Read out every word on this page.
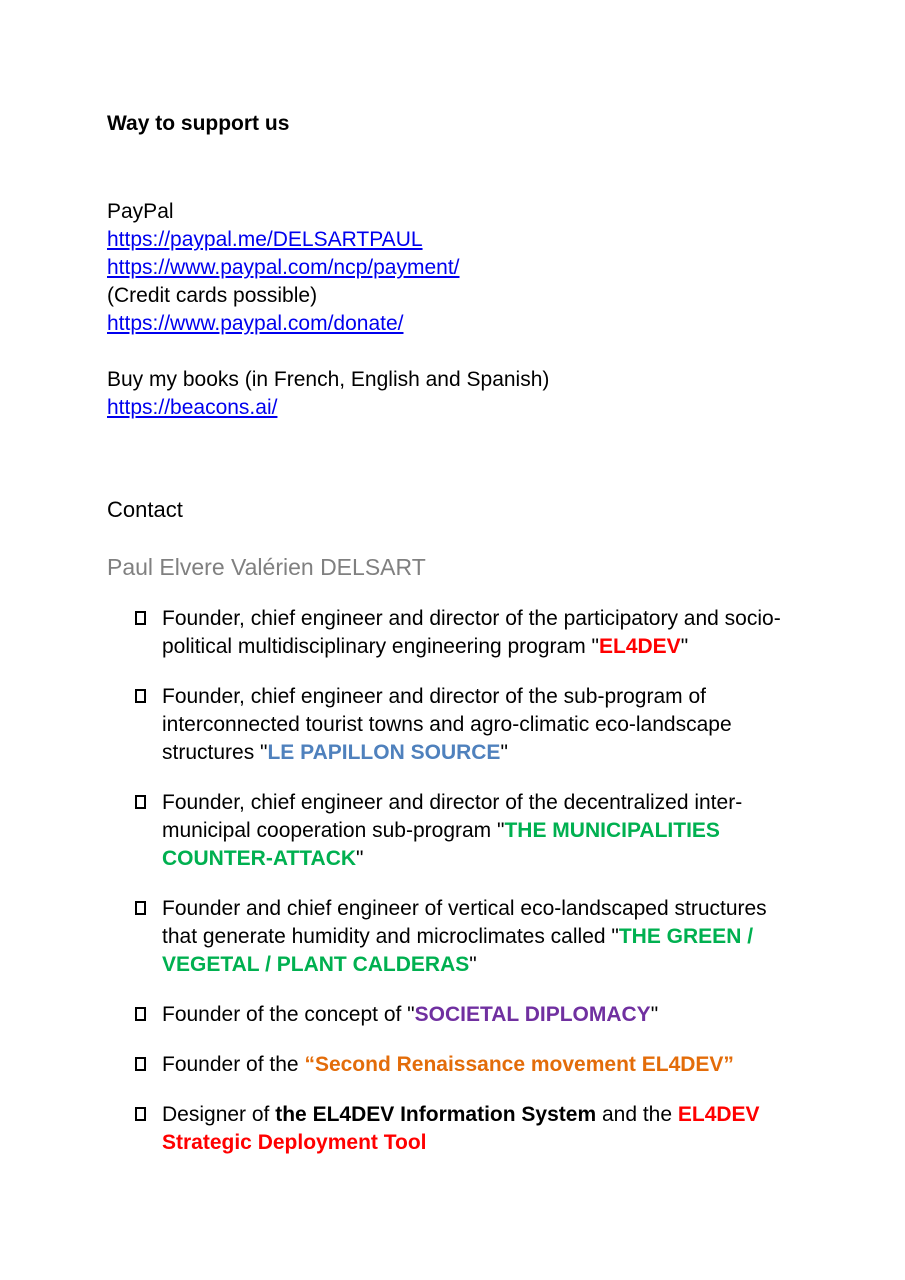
Way to support us
PayPal
https://paypal.me/DELSARTPAUL
https://www.paypal.com/ncp/payment/
(Credit cards possible)
https://www.paypal.com/donate/
Buy my books (in French, English and Spanish)
https://beacons.ai/
Contact
Paul Elvere Valérien DELSART
Founder, chief engineer and director of the participatory and socio-political multidisciplinary engineering program "EL4DEV"
Founder, chief engineer and director of the sub-program of interconnected tourist towns and agro-climatic eco-landscape structures "LE PAPILLON SOURCE"
Founder, chief engineer and director of the decentralized inter-municipal cooperation sub-program "THE MUNICIPALITIES COUNTER-ATTACK"
Founder and chief engineer of vertical eco-landscaped structures that generate humidity and microclimates called "THE GREEN / VEGETAL / PLANT CALDERAS"
Founder of the concept of "SOCIETAL DIPLOMACY"
Founder of the “Second Renaissance movement EL4DEV”
Designer of the EL4DEV Information System and the EL4DEV Strategic Deployment Tool
